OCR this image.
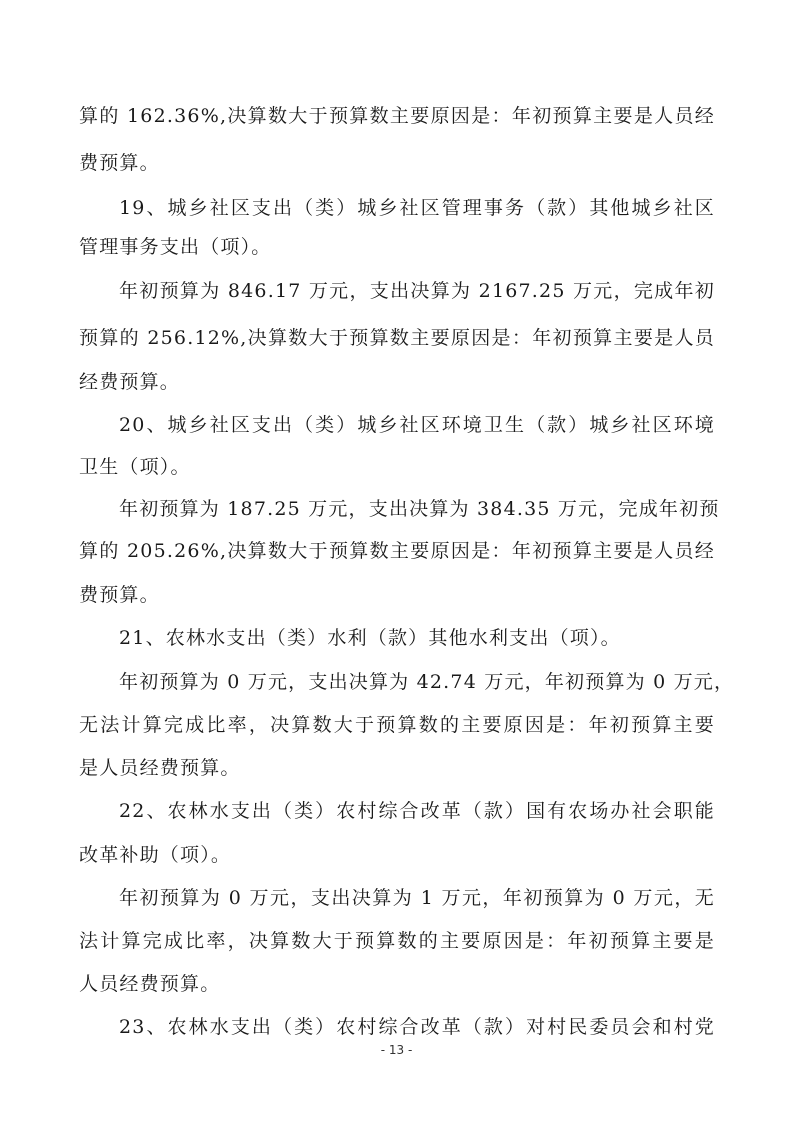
算的 162.36%,决算数大于预算数主要原因是：年初预算主要是人员经
费预算。
19、城乡社区支出（类）城乡社区管理事务（款）其他城乡社区
管理事务支出（项）。
年初预算为 846.17 万元，支出决算为 2167.25 万元，完成年初
预算的 256.12%,决算数大于预算数主要原因是：年初预算主要是人员
经费预算。
20、城乡社区支出（类）城乡社区环境卫生（款）城乡社区环境
卫生（项）。
年初预算为 187.25 万元，支出决算为 384.35 万元，完成年初预
算的 205.26%,决算数大于预算数主要原因是：年初预算主要是人员经
费预算。
21、农林水支出（类）水利（款）其他水利支出（项）。
年初预算为 0 万元，支出决算为 42.74 万元，年初预算为 0 万元，
无法计算完成比率，决算数大于预算数的主要原因是：年初预算主要
是人员经费预算。
22、农林水支出（类）农村综合改革（款）国有农场办社会职能
改革补助（项）。
年初预算为 0 万元，支出决算为 1 万元，年初预算为 0 万元，无
法计算完成比率，决算数大于预算数的主要原因是：年初预算主要是
人员经费预算。
23、农林水支出（类）农村综合改革（款）对村民委员会和村党
- 13 -
